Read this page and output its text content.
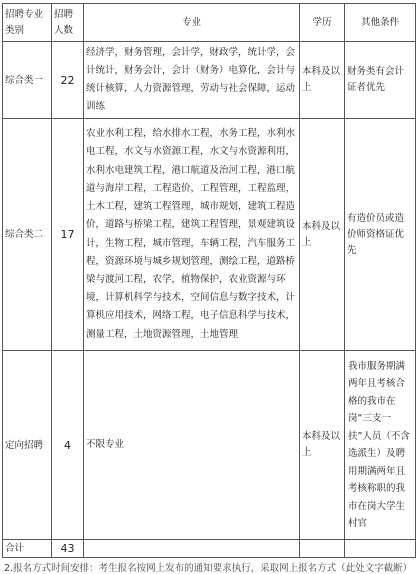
招聘专业类别	招聘人数	专业	学历	其他条件
综合类一	22	经济学，财务管理，会计学，财政学，统计学，会计统计，财务会计，会计（财务）电算化，会计与统计核算，人力资源管理，劳动与社会保障，运动训练	本科及以上	财务类有会计证者优先
综合类二	17	农业水利工程，给水排水工程，水务工程，水利水电工程，水文与水资源工程，水文与水资源利用，水利水电建筑工程，港口航道及治河工程，港口航道与海岸工程，工程造价，工程管理，工程监理，土木工程，建筑工程管理，城市规划，建筑工程造价，道路与桥梁工程，建筑工程管理，景观建筑设计，生物工程，城市管理，车辆工程，汽车服务工程，资源环境与城乡规划管理，测绘工程，道路桥梁与渡河工程，农学，植物保护，农业资源与环境，计算机科学与技术，空间信息与数字技术，计算机应用技术，网络工程，电子信息科学与技术，测量工程，土地资源管理，土地管理	本科及以上	有造价员或造价师资格证优先
定向招聘	4	不限专业	本科及以上	我市服务期满两年且考核合格的我市在岗“三支一扶”人员（不含选派生）及聘用期满两年且考核称职的我市在岗大学生村官
合计	43			
2.报名方式时间安排：考生报名按网上发布的通知要求执行，采取网上报名方式（此处文字截断）
